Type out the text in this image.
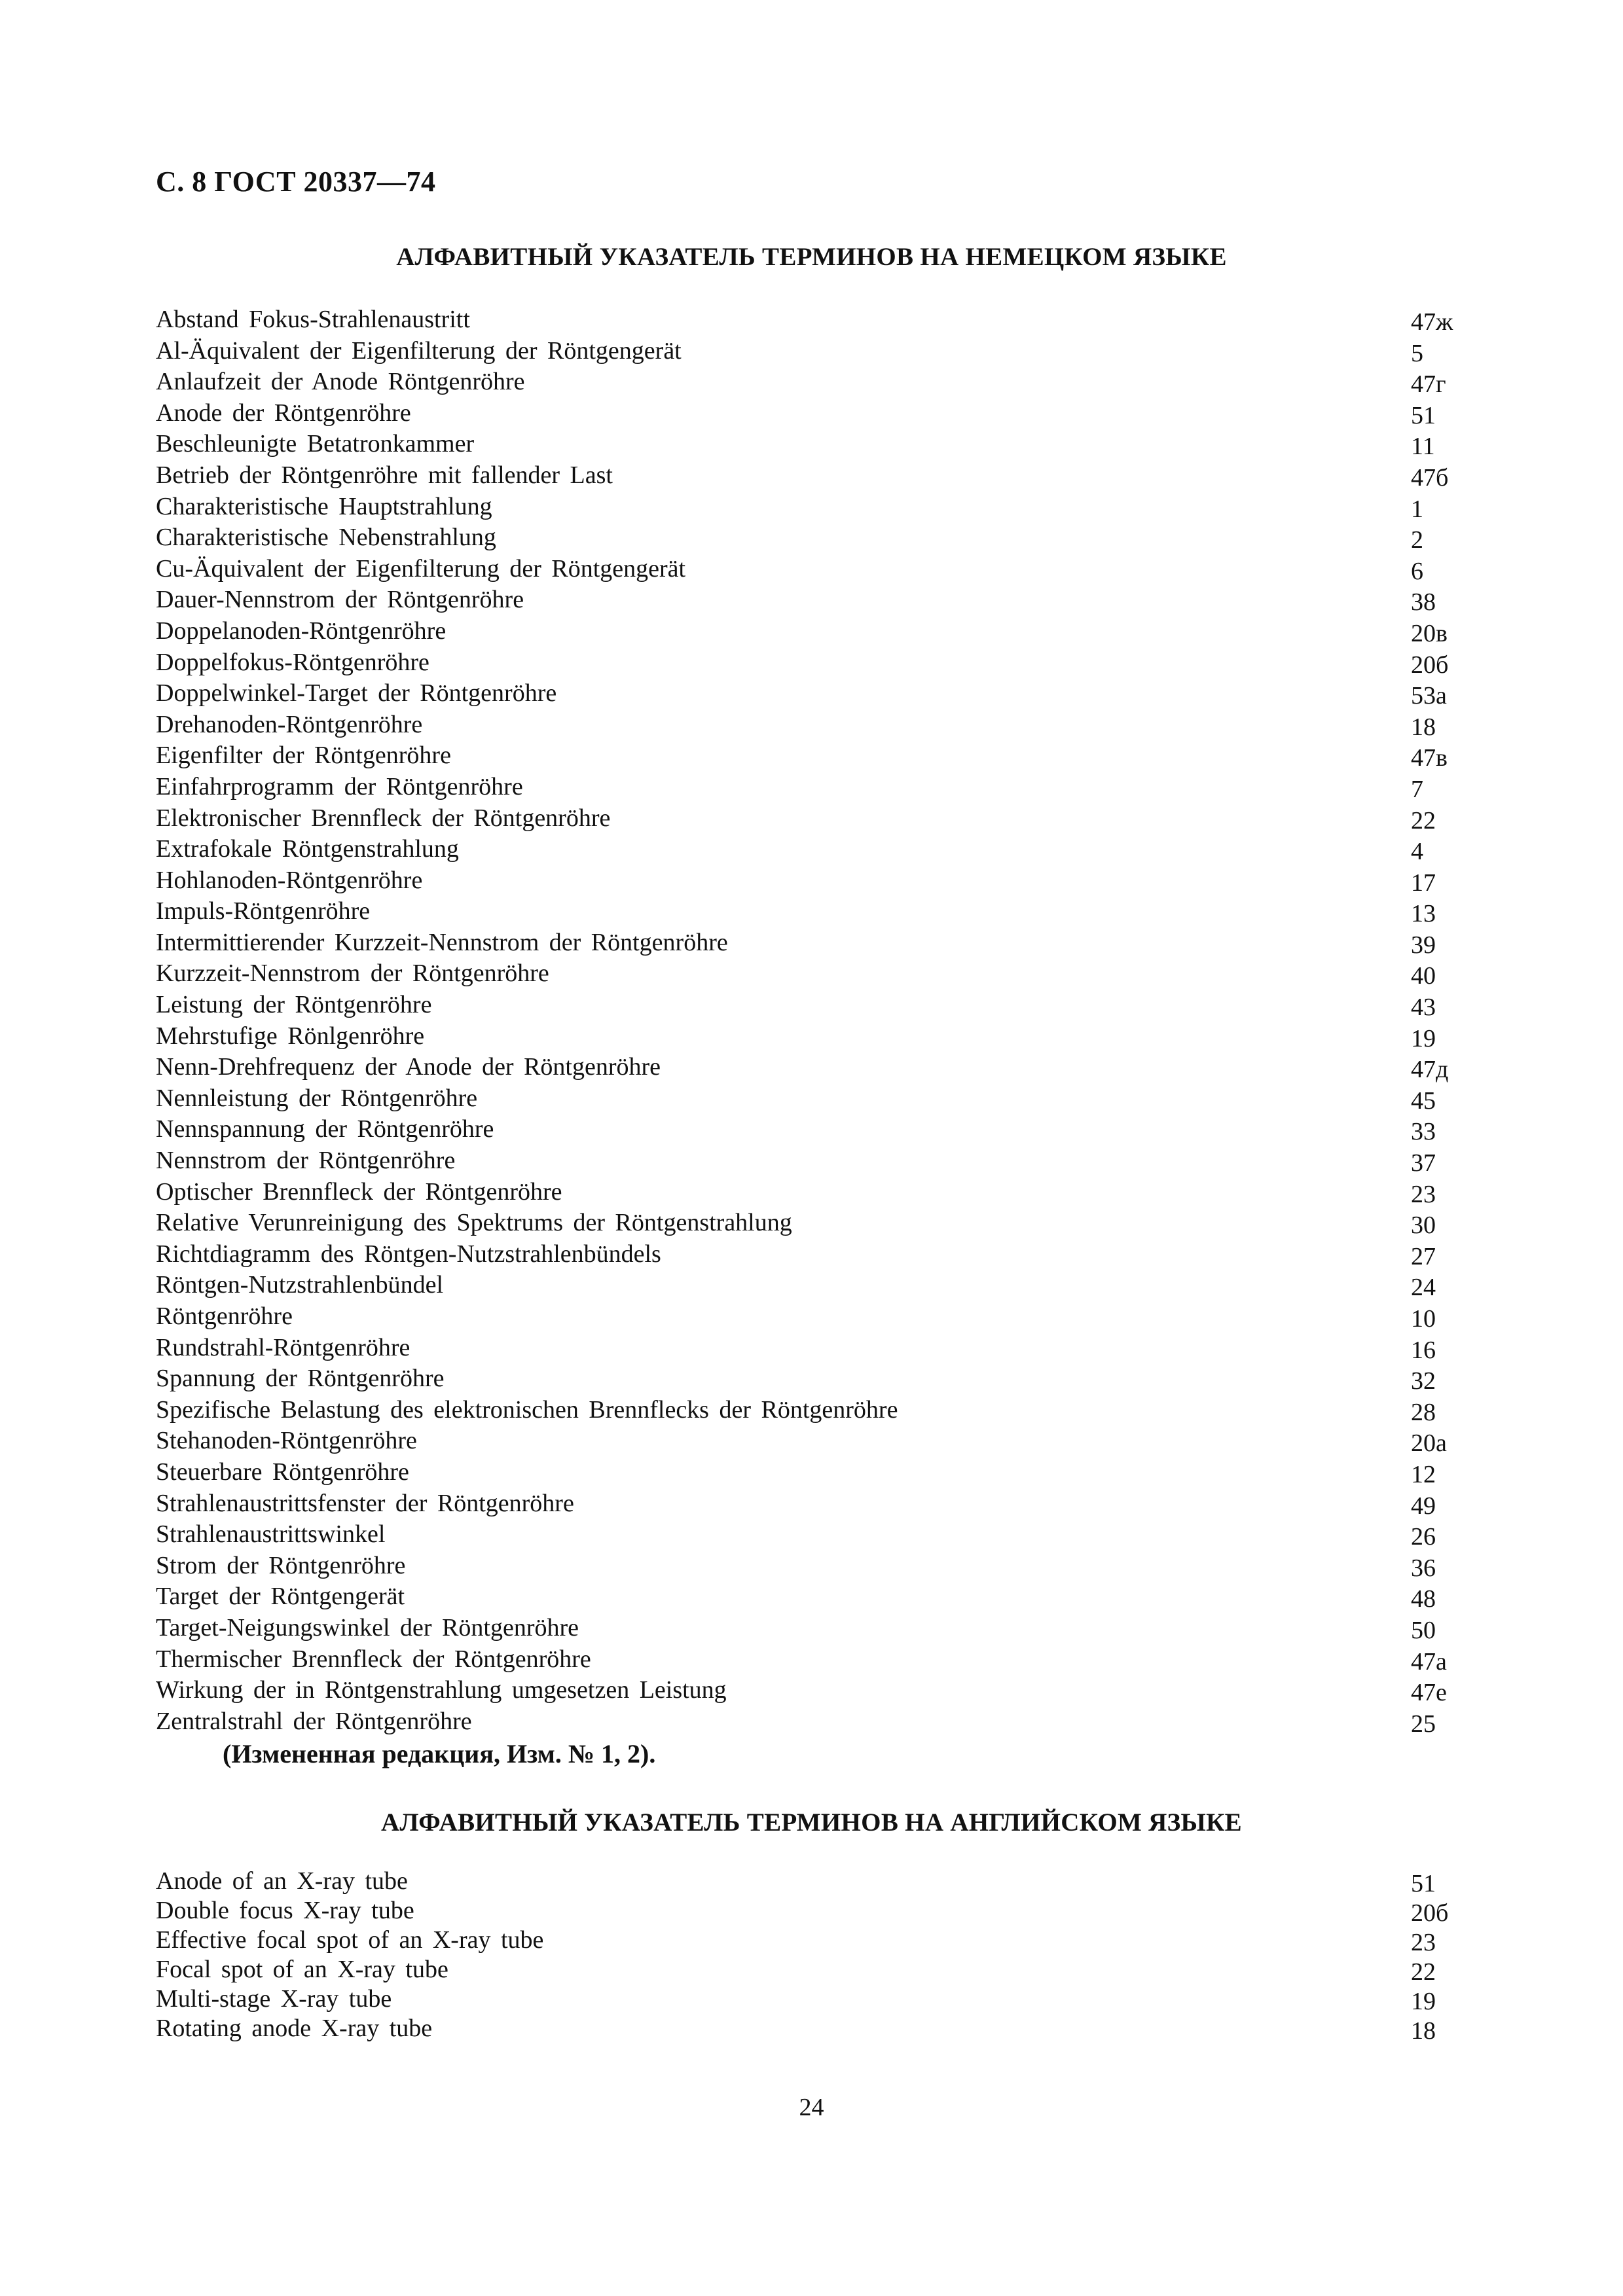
С. 8 ГОСТ 20337—74
АЛФАВИТНЫЙ УКАЗАТЕЛЬ ТЕРМИНОВ НА НЕМЕЦКОМ ЯЗЫКЕ
Abstand Fokus-Strahlenaustritt	47ж
Al-Äquivalent der Eigenfilterung der Röntgengerät	5
Anlaufzeit der Anode Röntgenröhre	47г
Anode der Röntgenröhre	51
Beschleunigte Betatronkammer	11
Betrieb der Röntgenröhre mit fallender Last	47б
Charakteristische Hauptstrahlung	1
Charakteristische Nebenstrahlung	2
Cu-Äquivalent der Eigenfilterung der Röntgengerät	6
Dauer-Nennstrom der Röntgenröhre	38
Doppelanoden-Röntgenröhre	20в
Doppelfokus-Röntgenröhre	20б
Doppelwinkel-Target der Röntgenröhre	53а
Drehanoden-Röntgenröhre	18
Eigenfilter der Röntgenröhre	47в
Einfahrprogramm der Röntgenröhre	7
Elektronischer Brennfleck der Röntgenröhre	22
Extrafokale Röntgenstrahlung	4
Hohlanoden-Röntgenröhre	17
Impuls-Röntgenröhre	13
Intermittierender Kurzzeit-Nennstrom der Röntgenröhre	39
Kurzzeit-Nennstrom der Röntgenröhre	40
Leistung der Röntgenröhre	43
Mehrstufige Rönlgenröhre	19
Nenn-Drehfrequenz der Anode der Röntgenröhre	47д
Nennleistung der Röntgenröhre	45
Nennspannung der Röntgenröhre	33
Nennstrom der Röntgenröhre	37
Optischer Brennfleck der Röntgenröhre	23
Relative Verunreinigung des Spektrums der Röntgenstrahlung	30
Richtdiagramm des Röntgen-Nutzstrahlenbündels	27
Röntgen-Nutzstrahlenbündel	24
Röntgenröhre	10
Rundstrahl-Röntgenröhre	16
Spannung der Röntgenröhre	32
Spezifische Belastung des elektronischen Brennflecks der Röntgenröhre	28
Stehanoden-Röntgenröhre	20а
Steuerbare Röntgenröhre	12
Strahlenaustrittsfenster der Röntgenröhre	49
Strahlenaustrittswinkel	26
Strom der Röntgenröhre	36
Target der Röntgengerät	48
Target-Neigungswinkel der Röntgenröhre	50
Thermischer Brennfleck der Röntgenröhre	47а
Wirkung der in Röntgenstrahlung umgesetzen Leistung	47е
Zentralstrahl der Röntgenröhre	25
(Измененная редакция, Изм. № 1, 2).
АЛФАВИТНЫЙ УКАЗАТЕЛЬ ТЕРМИНОВ НА АНГЛИЙСКОМ ЯЗЫКЕ
Anode of an X-ray tube	51
Double focus X-ray tube	20б
Effective focal spot of an X-ray tube	23
Focal spot of an X-ray tube	22
Multi-stage X-ray tube	19
Rotating anode X-ray tube	18
24
